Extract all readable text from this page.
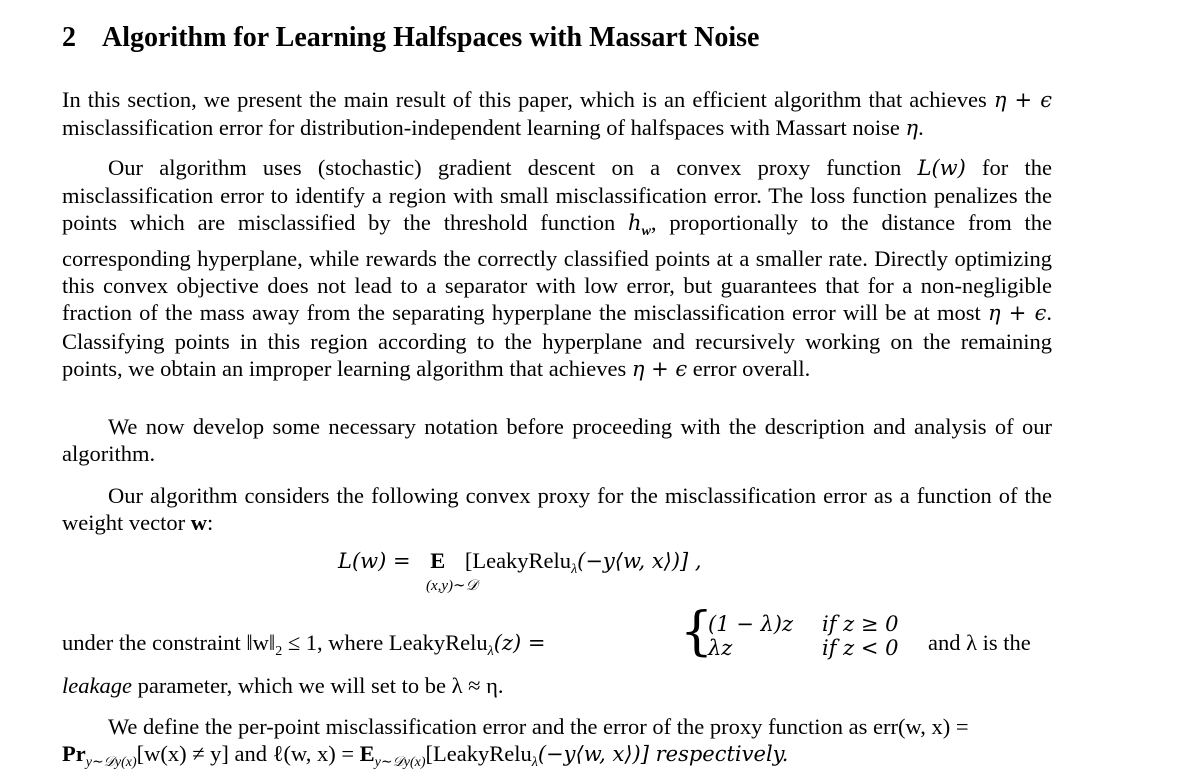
2 Algorithm for Learning Halfspaces with Massart Noise
In this section, we present the main result of this paper, which is an efficient algorithm that achieves η + ϵ misclassification error for distribution-independent learning of halfspaces with Massart noise η.
Our algorithm uses (stochastic) gradient descent on a convex proxy function L(w) for the misclassification error to identify a region with small misclassification error. The loss function penalizes the points which are misclassified by the threshold function $h_w$, proportionally to the distance from the corresponding hyperplane, while rewards the correctly classified points at a smaller rate. Directly optimizing this convex objective does not lead to a separator with low error, but guarantees that for a non-negligible fraction of the mass away from the separating hyperplane the misclassification error will be at most η + ϵ. Classifying points in this region according to the hyperplane and recursively working on the remaining points, we obtain an improper learning algorithm that achieves η + ϵ error overall.
We now develop some necessary notation before proceeding with the description and analysis of our algorithm.
Our algorithm considers the following convex proxy for the misclassification error as a function of the weight vector w:
L(w) = E
(x,y)∼𝒟
[LeakyRelu$_\lambda$(−y⟨w, x⟩)] ,
under the constraint $‖w‖_2 \le 1$, where LeakyRelu$_\lambda$(z) =	{
(1 − λ)z if z ≥ 0
λz	if z < 0 and λ is the
leakage parameter, which we will set to be λ ≈ η.
We define the per-point misclassification error and the error of the proxy function as err(w, x) =
$Pr_{y\sim 𝒟y(x)}[w(x) \ne y]$ and ℓ(w, $x) = E_{y\sim 𝒟y(x)}[LeakyRelu_\lambda(-y⟨w$, x⟩)] respectively.
